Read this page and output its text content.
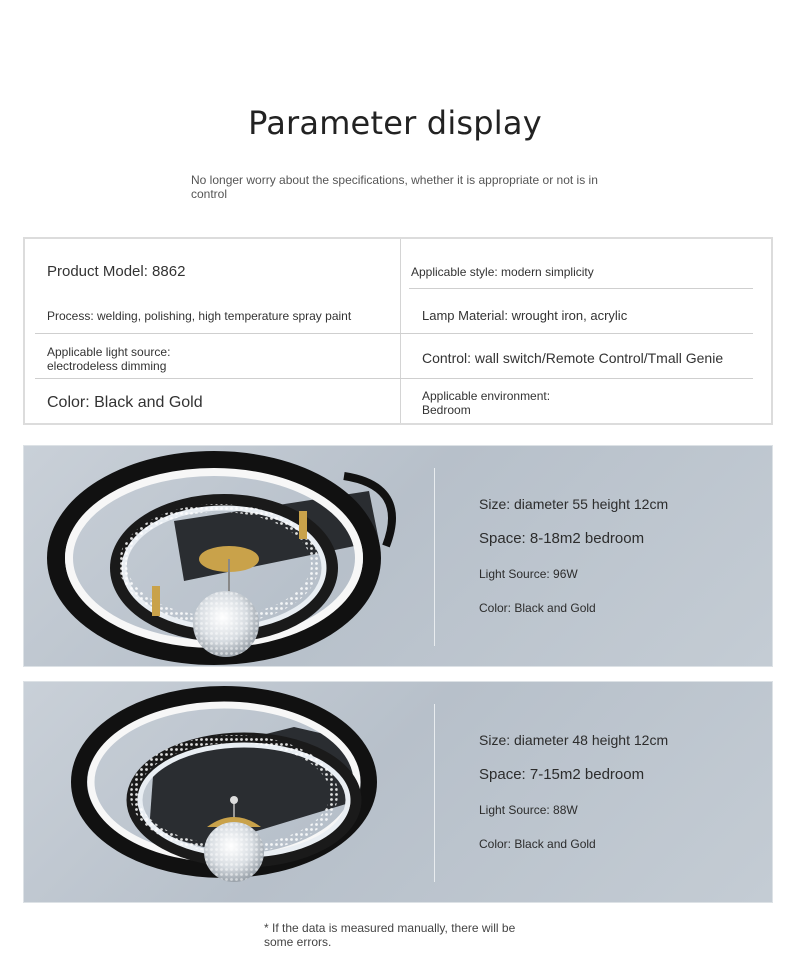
Parameter display

No longer worry about the specifications, whether it is appropriate or not is in control

Product Model: 8862	Applicable style: modern simplicity
Process: welding, polishing, high temperature spray paint	Lamp Material: wrought iron, acrylic
Applicable light source:
electrodeless dimming	Control: wall switch/Remote Control/Tmall Genie
Color: Black and Gold	Applicable environment:
Bedroom
Size: diameter 55 height 12cm
Space: 8-18m2 bedroom
Light Source: 96W
Color: Black and Gold
Size: diameter 48 height 12cm
Space: 7-15m2 bedroom
Light Source: 88W
Color: Black and Gold

* If the data is measured manually, there will be some errors.
